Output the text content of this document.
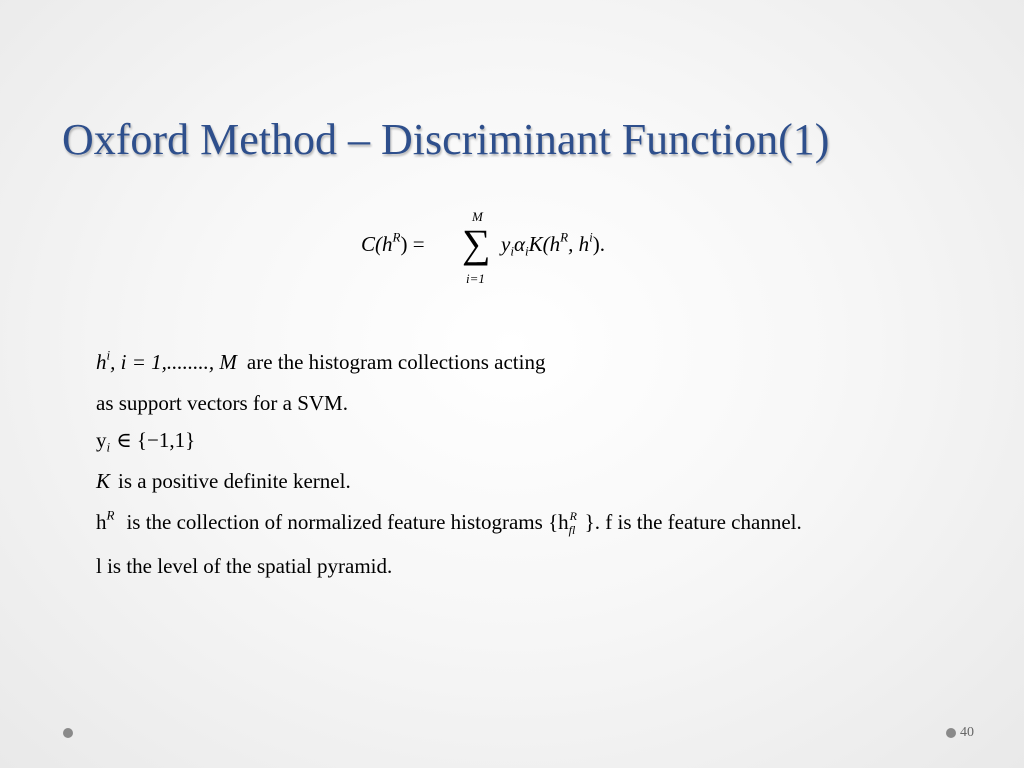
Oxford Method – Discriminant Function(1)
$C(h^R)$ =
M
∑
i=1
$y_i\alpha_iK(h^R$, $h^i$).
$h^i$, i = 1,........, M are the histogram collections acting
as support vectors for a SVM.
$y_i$ ∈ {−1,1}
K is a positive definite kernel.
$h^R$ is the collection of normalized feature histograms {h R
fl }. f is the feature channel.
l is the level of the spatial pyramid.
40
